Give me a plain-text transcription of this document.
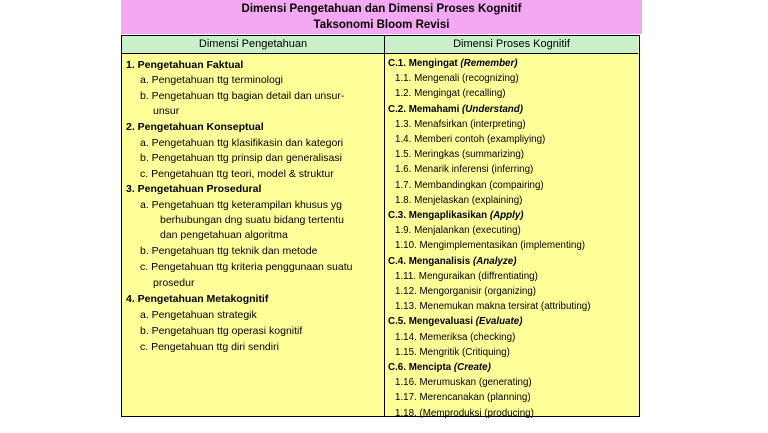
Dimensi Pengetahuan dan Dimensi Proses Kognitif
Taksonomi Bloom Revisi
Dimensi Pengetahuan	Dimensi Proses Kognitif
1. Pengetahuan Faktual
a. Pengetahuan ttg terminologi
b. Pengetahuan ttg bagian detail dan unsur-
unsur
2. Pengetahuan Konseptual
a. Pengetahuan ttg klasifikasin dan kategori
b. Pengetahuan ttg prinsip dan generalisasi
c. Pengetahuan ttg teori, model & struktur
3. Pengetahuan Prosedural
a. Pengetahuan ttg keterampilan khusus yg
berhubungan dng suatu bidang tertentu
dan pengetahuan algoritma
b. Pengetahuan ttg teknik dan metode
c. Pengetahuan ttg kriteria penggunaan suatu
prosedur
4. Pengetahuan Metakognitif
a. Pengetahuan strategik
b. Pengetahuan ttg operasi kognitif
c. Pengetahuan ttg diri sendiri
C.1. Mengingat (Remember)
1.1. Mengenali (recognizing)
1.2. Mengingat (recalling)
C.2. Memahami (Understand)
1.3. Menafsirkan (interpreting)
1.4. Memberi contoh (exampliying)
1.5. Meringkas (summarizing)
1.6. Menarik inferensi (inferring)
1.7. Membandingkan (compairing)
1.8. Menjelaskan (explaining)
C.3. Mengaplikasikan (Apply)
1.9. Menjalankan (executing)
1.10. Mengimplementasikan (implementing)
C.4. Menganalisis (Analyze)
1.11. Menguraikan (diffrentiating)
1.12. Mengorganisir (organizing)
1.13. Menemukan makna tersirat (attributing)
C.5. Mengevaluasi (Evaluate)
1.14. Memeriksa (checking)
1.15. Mengritik (Critiquing)
C.6. Mencipta (Create)
1.16. Merumuskan (generating)
1.17. Merencanakan (planning)
1.18. (Memproduksi (producing)
